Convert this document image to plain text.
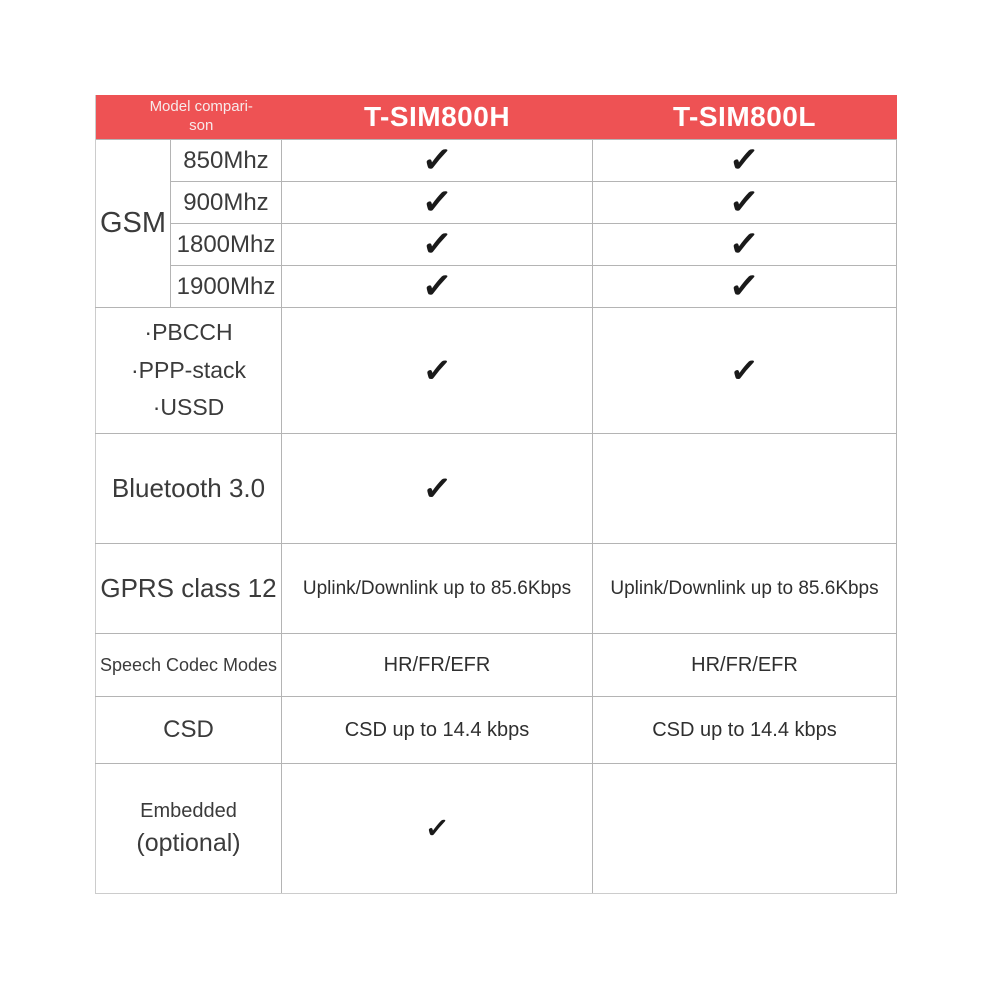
Model compari-
son		T-SIM800H	T-SIM800L
GSM	850Mhz	✓	✓
	900Mhz	✓	✓
	1800Mhz	✓	✓
	1900Mhz	✓	✓

·PBCCH
·PPP-stack
·USSD		✓	✓
Bluetooth 3.0		✓	
GPRS class 12		Uplink/Downlink up to 85.6Kbps	Uplink/Downlink up to 85.6Kbps
Speech Codec Modes		HR/FR/EFR	HR/FR/EFR
CSD		CSD up to 14.4 kbps	CSD up to 14.4 kbps

Embedded
(optional)		✓	
